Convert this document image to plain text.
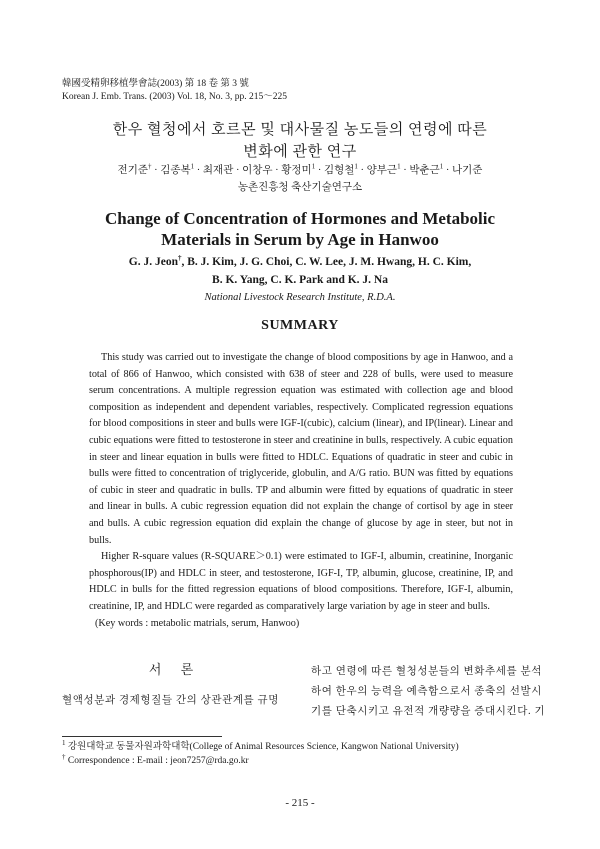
韓國受精卵移植學會誌(2003) 第 18 卷 第 3 號
Korean J. Emb. Trans. (2003) Vol. 18, No. 3, pp. 215～225
한우 혈청에서 호르몬 및 대사물질 농도들의 연령에 따른
변화에 관한 연구
전기준† · 김종복$^1$ · 최재관 · 이창우 · 황정미$^1$ · 김형철$^1$ · 양부근$^1$ · 박춘근$^1$ · 나기준
농촌진흥청 축산기술연구소
Change of Concentration of Hormones and Metabolic
Materials in Serum by Age in Hanwoo
G. J. Jeon†, B. J. Kim, J. G. Choi, C. W. Lee, J. M. Hwang, H. C. Kim,
B. K. Yang, C. K. Park and K. J. Na
National Livestock Research Institute, R.D.A.
SUMMARY

This study was carried out to investigate the change of blood compositions by age in Hanwoo, and a total of 866 of Hanwoo, which consisted with 638 of steer and 228 of bulls, were used to measure serum concentrations. A multiple regression equation was estimated with collection age and blood composition as independent and dependent variables, respectively. Complicated regression equations for blood compositions in steer and bulls were IGF-I(cubic), calcium (linear), and IP(linear). Linear and cubic equations were fitted to testosterone in steer and creatinine in bulls, respectively. A cubic equation in steer and linear equation in bulls were fitted to HDLC. Equations of quadratic in steer and cubic in bulls were fitted to concentration of triglyceride, globulin, and A/G ratio. BUN was fitted by equations of cubic in steer and quadratic in bulls. TP and albumin were fitted by equations of quadratic in steer and linear in bulls. A cubic regression equation did not explain the change of cortisol by age in steer and bulls. A cubic regression equation did explain the change of glucose by age in steer, but not in bulls.

Higher R-square values (R-SQUARE＞0.1) were estimated to IGF-I, albumin, creatinine, Inorganic phosphorous(IP) and HDLC in steer, and testosterone, IGF-I, TP, albumin, glucose, creatinine, IP, and HDLC in bulls for the fitted regression equations of blood compositions. Therefore, IGF-I, albumin, creatinine, IP, and HDLC were regarded as comparatively large variation by age in steer and bulls.

(Key words : metabolic matrials, serum, Hanwoo)

서 론
혈액성분과 경제형질들 간의 상관관계를 규명
하고 연령에 따른 혈청성분들의 변화추세를 분석
하여 한우의 능력을 예측함으로서 종축의 선발시
기를 단축시키고 유전적 개량량을 증대시킨다. 기
$^1$ 강원대학교 동물자원과학대학(College of Animal Resources Science, Kangwon National University)
† Correspondence : E-mail : jeon7257@rda.go.kr
- 215 -
